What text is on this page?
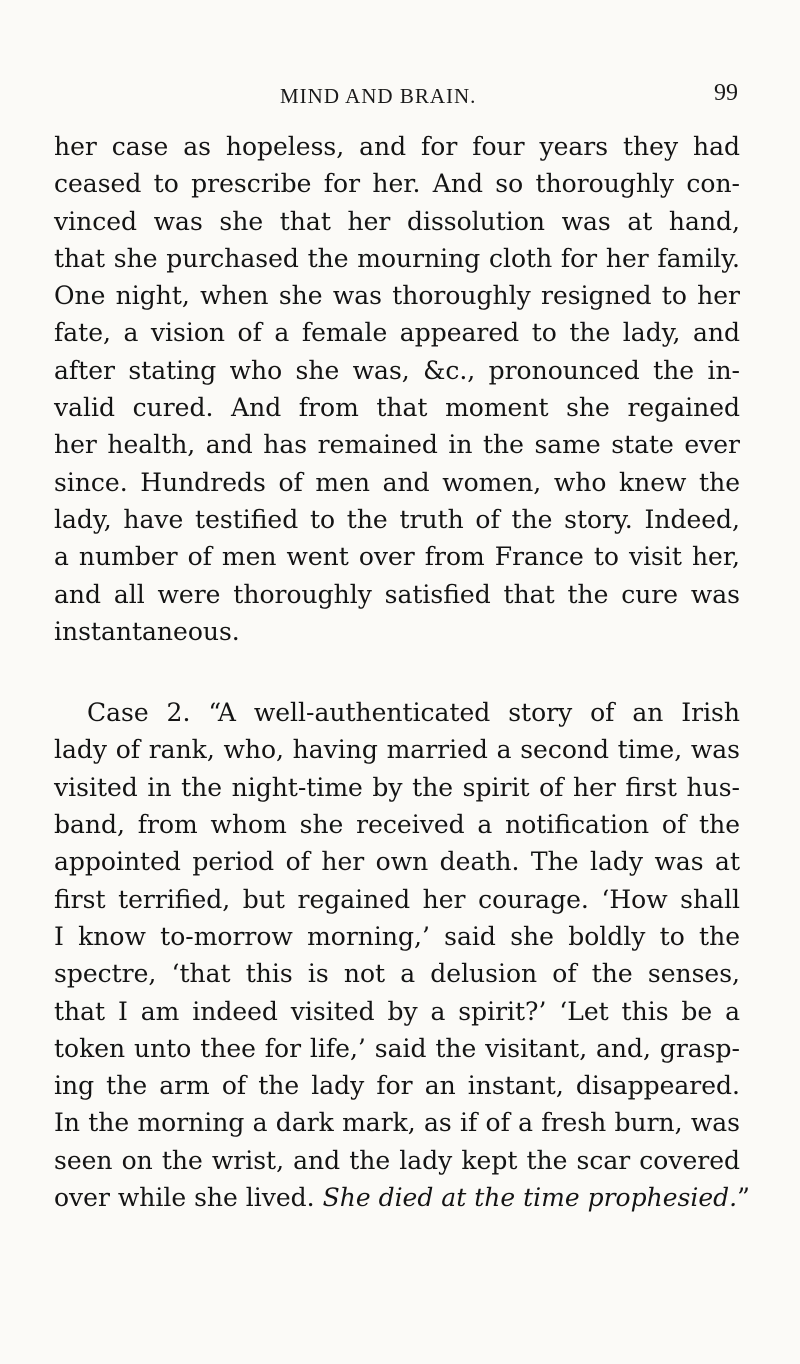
MIND AND BRAIN.	99
her case as hopeless, and for four years they had
ceased to prescribe for her. And so thoroughly con-
vinced was she that her dissolution was at hand,
that she purchased the mourning cloth for her family.
One night, when she was thoroughly resigned to her
fate, a vision of a female appeared to the lady, and
after stating who she was, &c., pronounced the in-
valid cured. And from that moment she regained
her health, and has remained in the same state ever
since. Hundreds of men and women, who knew the
lady, have testified to the truth of the story. Indeed,
a number of men went over from France to visit her,
and all were thoroughly satisfied that the cure was
instantaneous.
Case 2. “A well-authenticated story of an Irish
lady of rank, who, having married a second time, was
visited in the night-time by the spirit of her first hus-
band, from whom she received a notification of the
appointed period of her own death. The lady was at
first terrified, but regained her courage. ‘How shall
I know to-morrow morning,’ said she boldly to the
spectre, ‘that this is not a delusion of the senses,
that I am indeed visited by a spirit?’ ‘Let this be a
token unto thee for life,’ said the visitant, and, grasp-
ing the arm of the lady for an instant, disappeared.
In the morning a dark mark, as if of a fresh burn, was
seen on the wrist, and the lady kept the scar covered
over while she lived. She died at the time prophesied.”
